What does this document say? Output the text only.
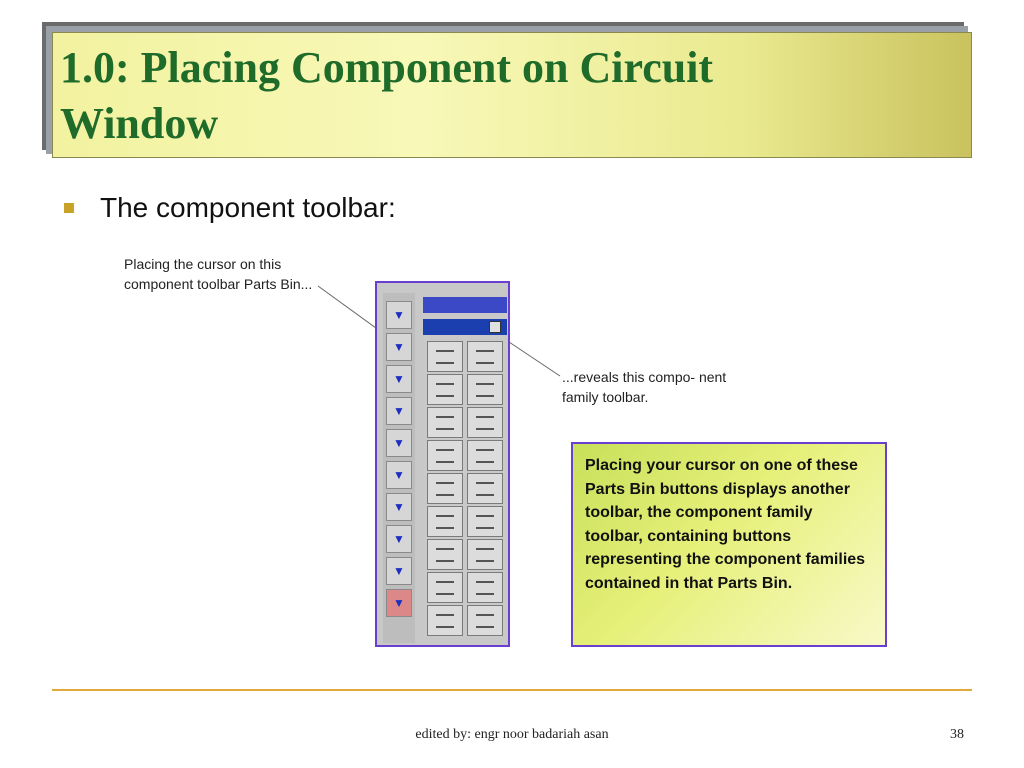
1.0: Placing Component on Circuit
Window
The component toolbar:
Placing the cursor on this component toolbar Parts Bin...
...reveals this compo- nent family toolbar.
▼
▼
▼
▼
▼
▼
▼
▼
▼
▼
Placing your cursor on one of these Parts Bin buttons displays another toolbar, the component family toolbar, containing buttons representing the component families contained in that Parts Bin.
edited by: engr noor badariah asan	38
